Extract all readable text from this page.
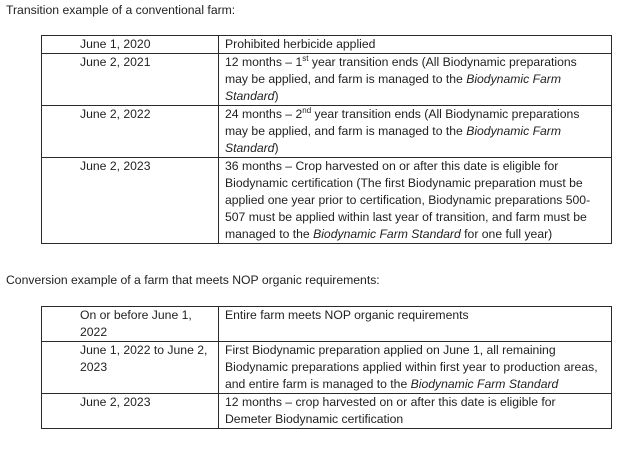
Transition example of a conventional farm:
June 1, 2020	Prohibited herbicide applied
June 2, 2021	12 months – 1st year transition ends (All Biodynamic preparations may be applied, and farm is managed to the Biodynamic Farm Standard)
June 2, 2022	24 months – 2nd year transition ends (All Biodynamic preparations may be applied, and farm is managed to the Biodynamic Farm Standard)
June 2, 2023	36 months – Crop harvested on or after this date is eligible for Biodynamic certification (The first Biodynamic preparation must be applied one year prior to certification, Biodynamic preparations 500-507 must be applied within last year of transition, and farm must be managed to the Biodynamic Farm Standard for one full year)
Conversion example of a farm that meets NOP organic requirements:
On or before June 1, 2022	Entire farm meets NOP organic requirements
June 1, 2022 to June 2, 2023	First Biodynamic preparation applied on June 1, all remaining Biodynamic preparations applied within first year to production areas, and entire farm is managed to the Biodynamic Farm Standard
June 2, 2023	12 months – crop harvested on or after this date is eligible for Demeter Biodynamic certification
